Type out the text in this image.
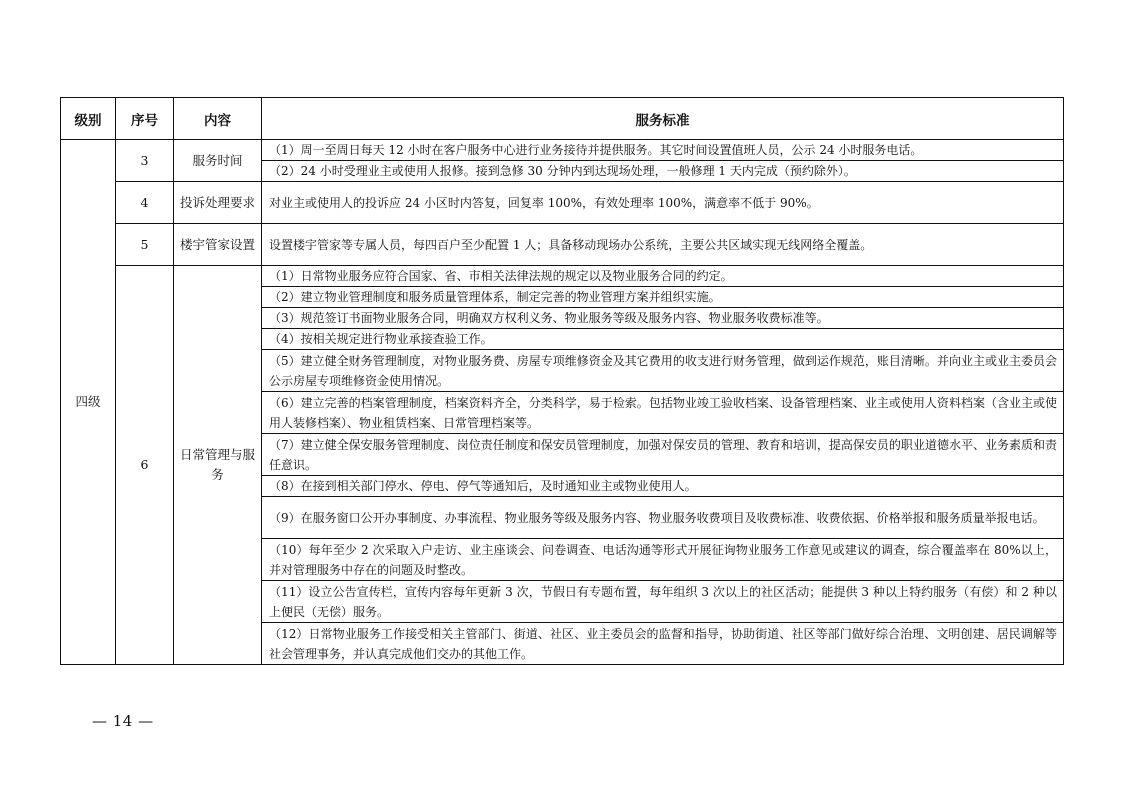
级别	序号	内容	服务标准
四级	3	服务时间	（1）周一至周日每天 12 小时在客户服务中心进行业务接待并提供服务。其它时间设置值班人员，公示 24 小时服务电话。
			（2）24 小时受理业主或使用人报修。接到急修 30 分钟内到达现场处理，一般修理 1 天内完成（预约除外）。
	4	投诉处理要求	对业主或使用人的投诉应 24 小区时内答复，回复率 100%，有效处理率 100%，满意率不低于 90%。
	5	楼宇管家设置	设置楼宇管家等专属人员，每四百户至少配置 1 人；具备移动现场办公系统，主要公共区域实现无线网络全覆盖。
	6	日常管理与服务	（1）日常物业服务应符合国家、省、市相关法律法规的规定以及物业服务合同的约定。
			（2）建立物业管理制度和服务质量管理体系，制定完善的物业管理方案并组织实施。
			（3）规范签订书面物业服务合同，明确双方权利义务、物业服务等级及服务内容、物业服务收费标准等。
			（4）按相关规定进行物业承接查验工作。
			（5）建立健全财务管理制度，对物业服务费、房屋专项维修资金及其它费用的收支进行财务管理，做到运作规范，账目清晰。并向业主或业主委员会公示房屋专项维修资金使用情况。
			（6）建立完善的档案管理制度，档案资料齐全，分类科学，易于检索。包括物业竣工验收档案、设备管理档案、业主或使用人资料档案（含业主或使用人装修档案）、物业租赁档案、日常管理档案等。
			（7）建立健全保安服务管理制度、岗位责任制度和保安员管理制度，加强对保安员的管理、教育和培训，提高保安员的职业道德水平、业务素质和责任意识。
			（8）在接到相关部门停水、停电、停气等通知后，及时通知业主或物业使用人。
			（9）在服务窗口公开办事制度、办事流程、物业服务等级及服务内容、物业服务收费项目及收费标准、收费依据、价格举报和服务质量举报电话。
			（10）每年至少 2 次采取入户走访、业主座谈会、问卷调查、电话沟通等形式开展征询物业服务工作意见或建议的调查，综合覆盖率在 80%以上，并对管理服务中存在的问题及时整改。
			（11）设立公告宣传栏，宣传内容每年更新 3 次，节假日有专题布置，每年组织 3 次以上的社区活动；能提供 3 种以上特约服务（有偿）和 2 种以上便民（无偿）服务。
			（12）日常物业服务工作接受相关主管部门、街道、社区、业主委员会的监督和指导，协助街道、社区等部门做好综合治理、文明创建、居民调解等社会管理事务，并认真完成他们交办的其他工作。
— 14 —
